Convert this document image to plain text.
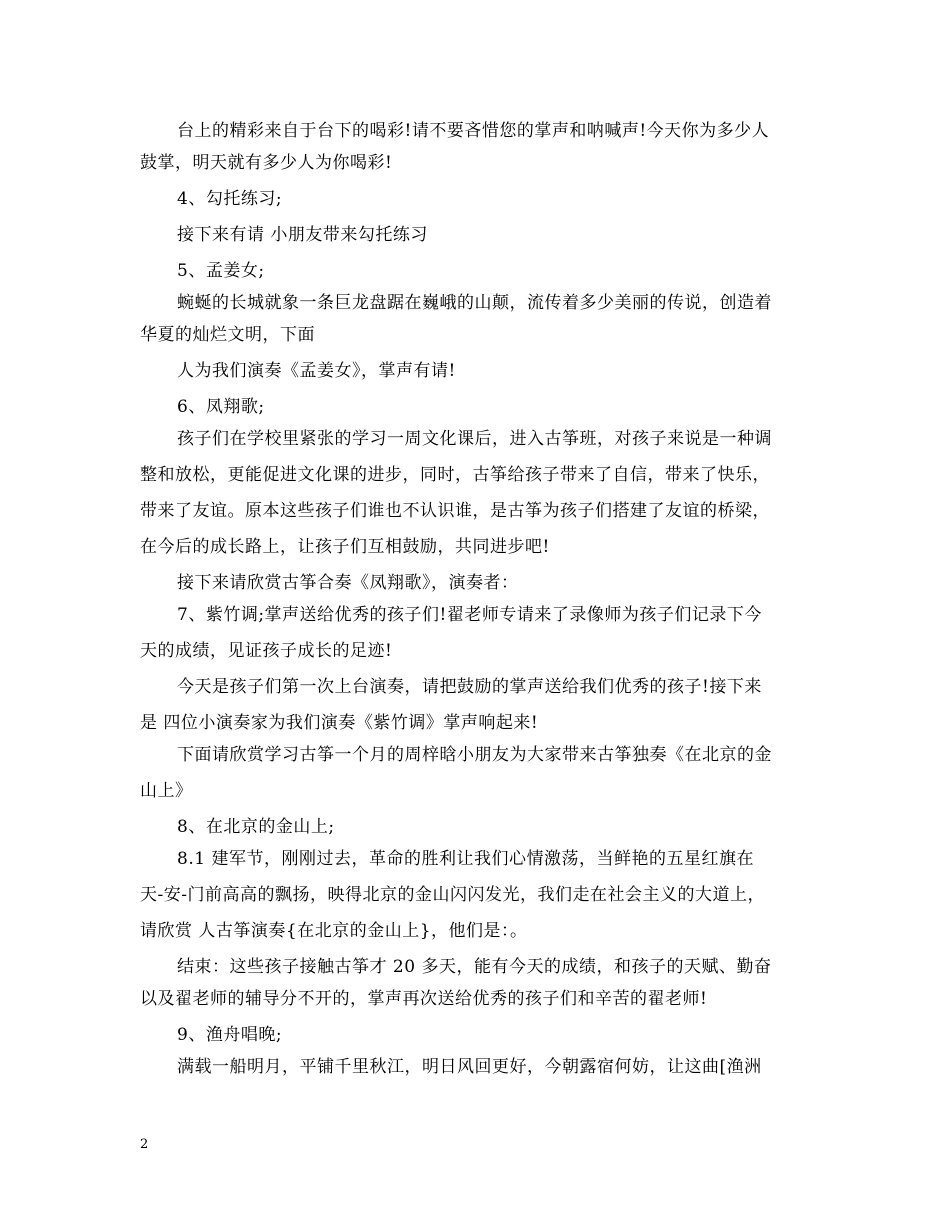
台上的精彩来自于台下的喝彩!请不要吝惜您的掌声和呐喊声!今天你为多少人
鼓掌，明天就有多少人为你喝彩!
4、勾托练习;
接下来有请 小朋友带来勾托练习
5、孟姜女;
蜿蜒的长城就象一条巨龙盘踞在巍峨的山颠，流传着多少美丽的传说，创造着
华夏的灿烂文明，下面
人为我们演奏《孟姜女》，掌声有请!
6、凤翔歌;
孩子们在学校里紧张的学习一周文化课后，进入古筝班，对孩子来说是一种调
整和放松，更能促进文化课的进步，同时，古筝给孩子带来了自信，带来了快乐，
带来了友谊。原本这些孩子们谁也不认识谁，是古筝为孩子们搭建了友谊的桥梁，
在今后的成长路上，让孩子们互相鼓励，共同进步吧!
接下来请欣赏古筝合奏《凤翔歌》，演奏者：
7、紫竹调;掌声送给优秀的孩子们!翟老师专请来了录像师为孩子们记录下今
天的成绩，见证孩子成长的足迹!
今天是孩子们第一次上台演奏，请把鼓励的掌声送给我们优秀的孩子!接下来
是 四位小演奏家为我们演奏《紫竹调》掌声响起来!
下面请欣赏学习古筝一个月的周梓晗小朋友为大家带来古筝独奏《在北京的金
山上》
8、在北京的金山上;
8.1 建军节，刚刚过去，革命的胜利让我们心情激荡，当鲜艳的五星红旗在
天-安-门前高高的飘扬，映得北京的金山闪闪发光，我们走在社会主义的大道上，
请欣赏 人古筝演奏{在北京的金山上}，他们是：。
结束：这些孩子接触古筝才 20 多天，能有今天的成绩，和孩子的天赋、勤奋
以及翟老师的辅导分不开的，掌声再次送给优秀的孩子们和辛苦的翟老师!
9、渔舟唱晚;
满载一船明月，平铺千里秋江，明日风回更好，今朝露宿何妨，让这曲[渔洲
2
